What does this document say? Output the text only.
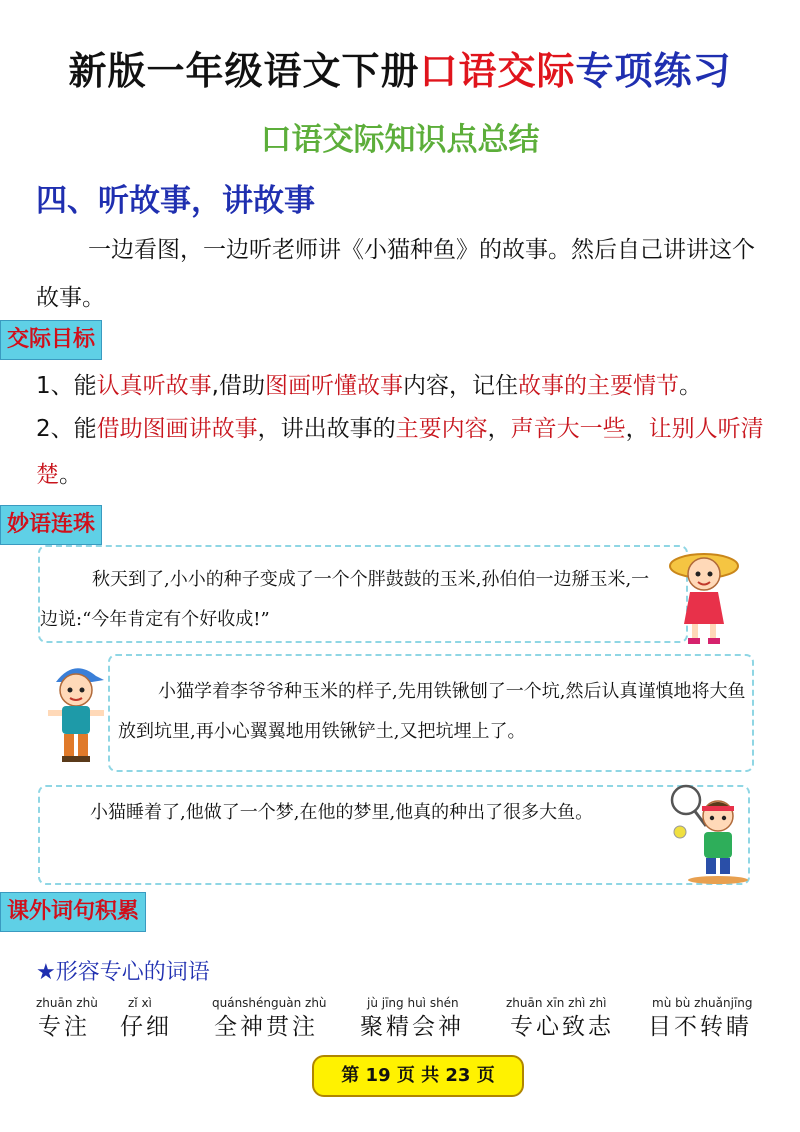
新版一年级语文下册口语交际专项练习
口语交际知识点总结
四、听故事，讲故事
一边看图，一边听老师讲《小猫种鱼》的故事。然后自己讲讲这个故事。
交际目标
1、能认真听故事,借助图画听懂故事内容，记住故事的主要情节。
2、能借助图画讲故事，讲出故事的主要内容，声音大一些，让别人听清楚。
妙语连珠
秋天到了,小小的种子变成了一个个胖鼓鼓的玉米,孙伯伯一边掰玉米,一边说:“今年肯定有个好收成!”
小猫学着李爷爷种玉米的样子,先用铁锹刨了一个坑,然后认真谨慎地将大鱼放到坑里,再小心翼翼地用铁锹铲土,又把坑埋上了。
小猫睡着了,他做了一个梦,在他的梦里,他真的种出了很多大鱼。
课外词句积累
★形容专心的词语
zhuān zhù
专注
zǐ xì
仔细
quánshénguàn zhù
全神贯注
jù jīng huì shén
聚精会神
zhuān xīn zhì zhì
专心致志
mù bù zhuǎnjīng
目不转睛
第 19 页 共 23 页
